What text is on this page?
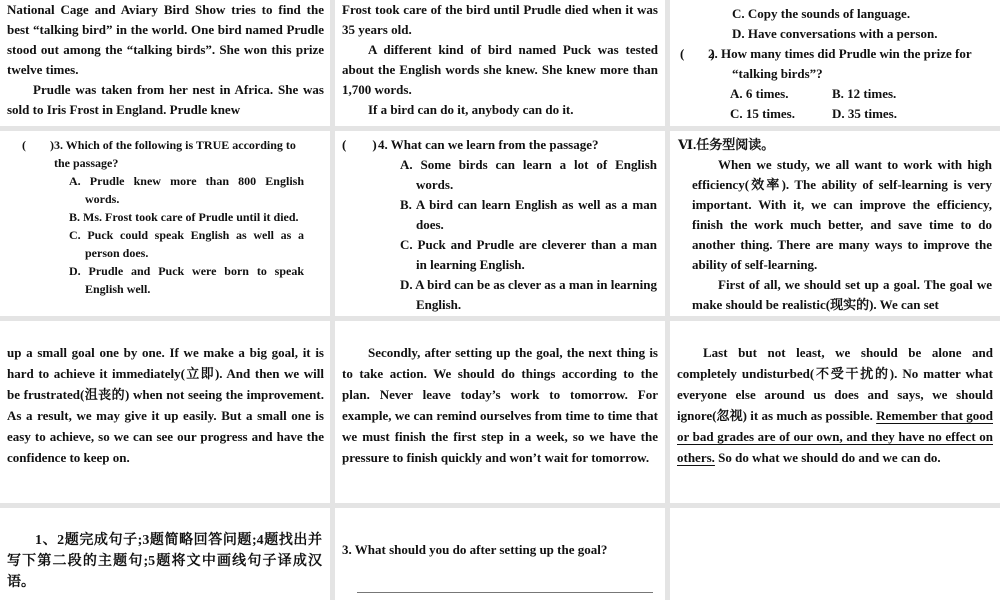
National Cage and Aviary Bird Show tries to find the best “talking bird” in the world. One bird named Prudle stood out among the “talking birds”. She won this prize twelve times.
Prudle was taken from her nest in Africa. She was sold to Iris Frost in England. Prudle knew
Frost took care of the bird until Prudle died when it was 35 years old.
A different kind of bird named Puck was tested about the English words she knew. She knew more than 1,700 words.
If a bird can do it, anybody can do it.
C. Copy the sounds of language.
D. Have conversations with a person.
(　　)
2. How many times did Prudle win the prize for “talking birds”?
A. 6 times.	B. 12 times.
C. 15 times.	D. 35 times.
(　　) 3. Which of the following is TRUE according to the passage?
A. Prudle knew more than 800 English words.
B. Ms. Frost took care of Prudle until it died.
C. Puck could speak English as well as a person does.
D. Prudle and Puck were born to speak English well.
(　　) 4. What can we learn from the passage?
A. Some birds can learn a lot of English words.
B. A bird can learn English as well as a man does.
C. Puck and Prudle are cleverer than a man in learning English.
D. A bird can be as clever as a man in learning English.
Ⅵ.任务型阅读。
When we study, we all want to work with high efficiency(效率). The ability of self-learning is very important. With it, we can improve the efficiency, finish the work much better, and save time to do another thing. There are many ways to improve the ability of self-learning.
First of all, we should set up a goal. The goal we make should be realistic(现实的). We can set
up a small goal one by one. If we make a big goal, it is hard to achieve it immediately(立即). And then we will be frustrated(沮丧的) when not seeing the improvement. As a result, we may give it up easily. But a small one is easy to achieve, so we can see our progress and have the confidence to keep on.
Secondly, after setting up the goal, the next thing is to take action. We should do things according to the plan. Never leave today’s work to tomorrow. For example, we can remind ourselves from time to time that we must finish the first step in a week, so we have the pressure to finish quickly and won’t wait for tomorrow.
Last but not least, we should be alone and completely undisturbed(不受干扰的). No matter what everyone else around us does and says, we should ignore(忽视) it as much as possible. Remember that good or bad grades are of our own, and they have no effect on others. So do what we should do and we can do.
1、2题完成句子;3题简略回答问题;4题找出并写下第二段的主题句;5题将文中画线句子译成汉语。
3. What should you do after setting up the goal?
